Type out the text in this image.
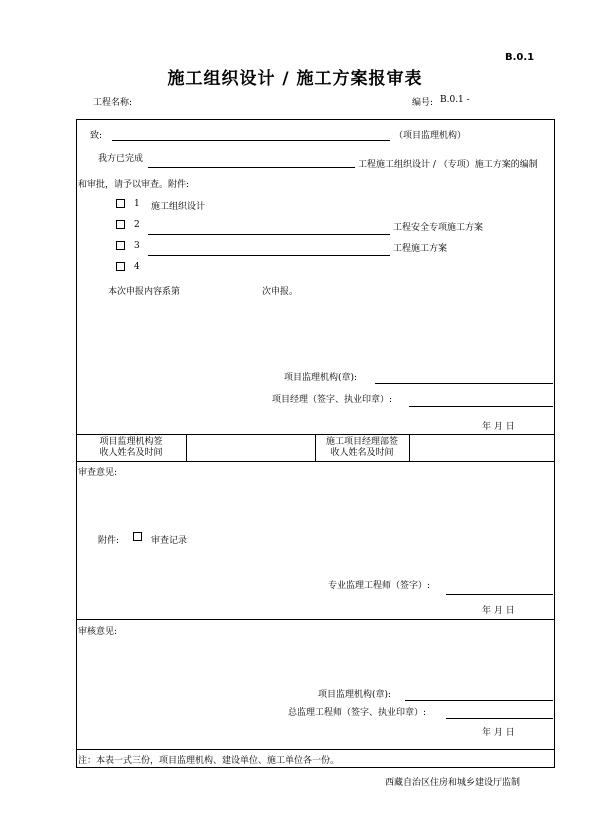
B.0.1
施工组织设计 / 施工方案报审表
工程名称:	编号: B.0.1 -
致:	（项目监理机构）
我方已完成
工程施工组织设计 / （专项）施工方案的编制
和审批，请予以审查。附件:
1 施工组织设计
2	工程安全专项施工方案
3	工程施工方案
4
本次申报内容系第	次申报。
项目监理机构(章):
项目经理（签字、执业印章）:
年 月 日
项目监理机构签
收人姓名及时间
施工项目经理部签
收人姓名及时间
审查意见:
附件:	审查记录
专业监理工程师（签字）:
年 月 日
审核意见:
项目监理机构(章):
总监理工程师（签字、执业印章）:
年 月 日
注：本表一式三份，项目监理机构、建设单位、施工单位各一份。
西藏自治区住房和城乡建设厅监制
